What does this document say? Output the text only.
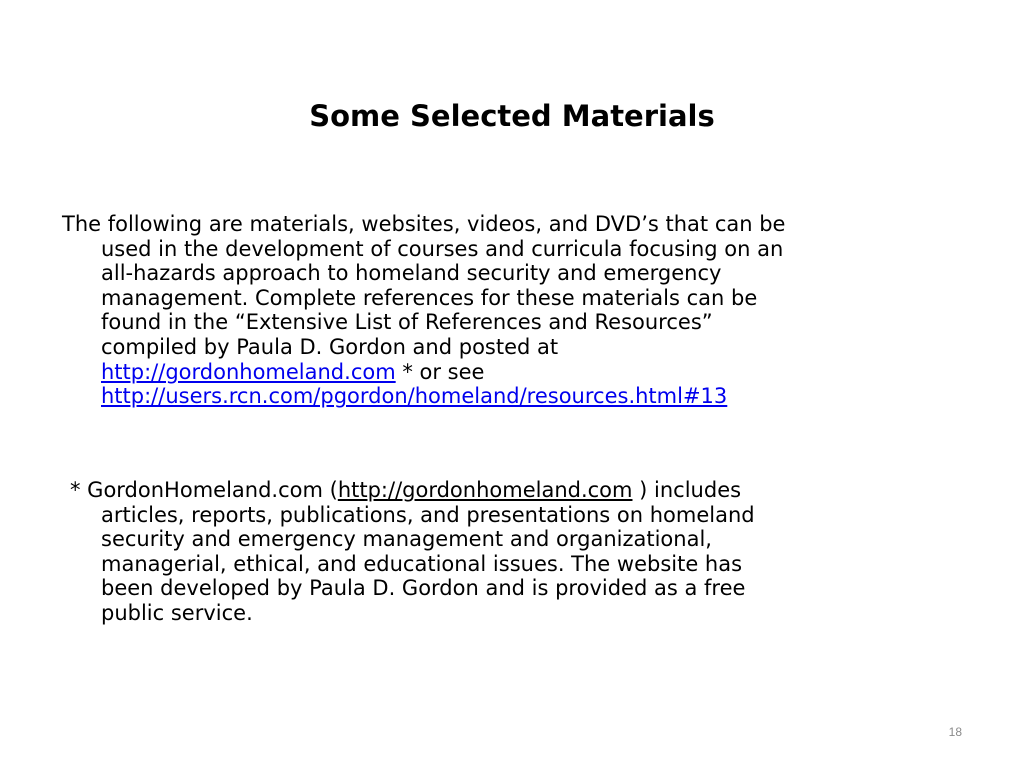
Some Selected Materials

The following are materials, websites, videos, and DVD’s that can be
used in the development of courses and curricula focusing on an
all-hazards approach to homeland security and emergency
management. Complete references for these materials can be
found in the “Extensive List of References and Resources”
compiled by Paula D. Gordon and posted at
http://gordonhomeland.com * or see
http://users.rcn.com/pgordon/homeland/resources.html#13

* GordonHomeland.com (http://gordonhomeland.com ) includes
articles, reports, publications, and presentations on homeland
security and emergency management and organizational,
managerial, ethical, and educational issues. The website has
been developed by Paula D. Gordon and is provided as a free
public service.

18
